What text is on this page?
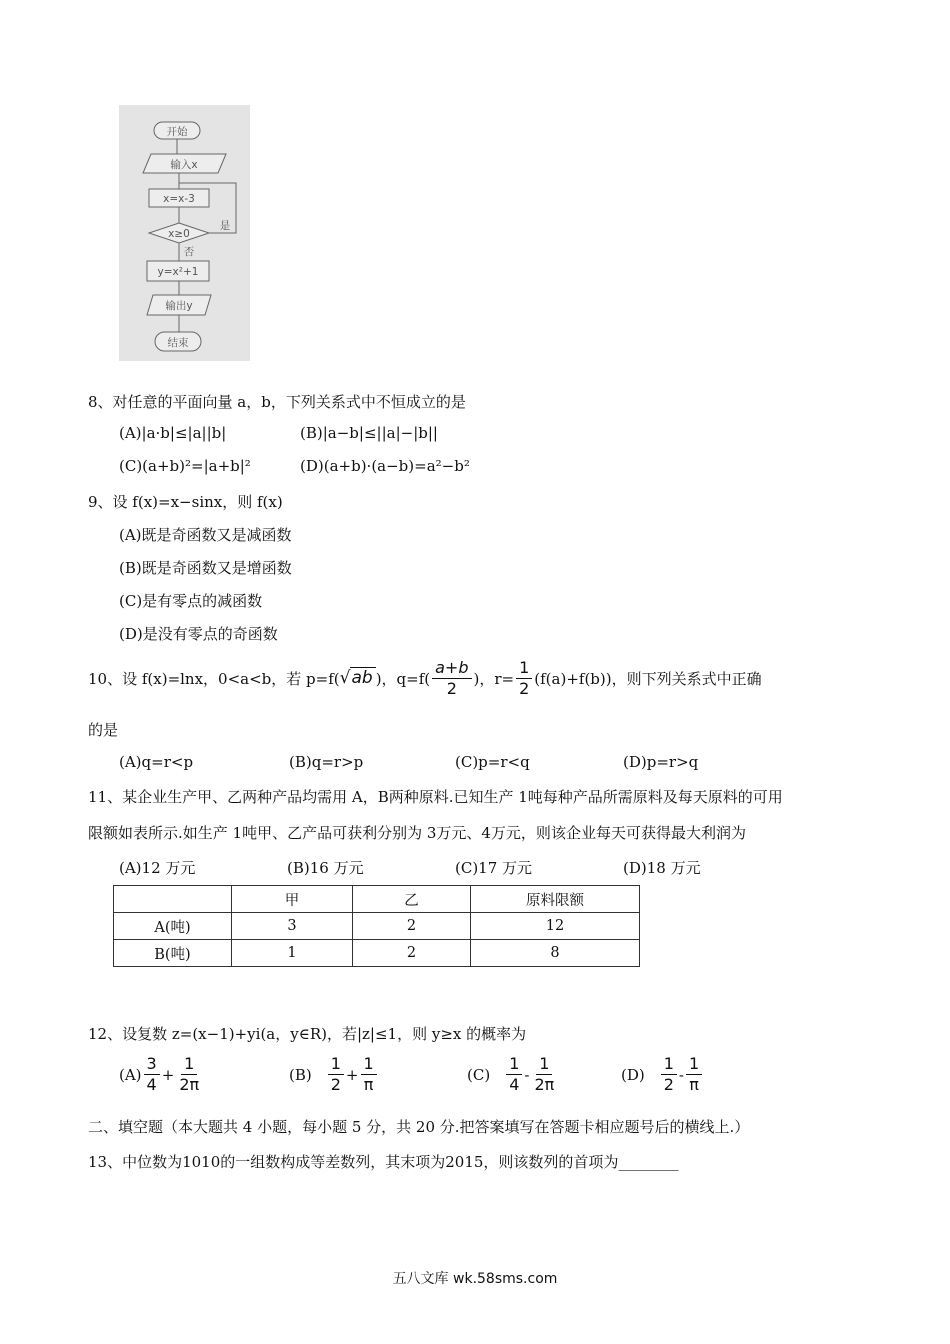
开始
输入x
x=x-3
x≥0
是
否
y=x²+1
输出y
结束
8、对任意的平面向量 a，b，下列关系式中不恒成立的是
(A)|a·b|≤|a||b|	(B)|a−b|≤||a|−|b||
(C)(a+b)²=|a+b|²	(D)(a+b)·(a−b)=a²−b²
9、设 f(x)=x−sinx，则 f(x)
(A)既是奇函数又是减函数
(B)既是奇函数又是增函数
(C)是有零点的减函数
(D)是没有零点的奇函数
10、设 f(x)=lnx，0<a<b，若 p=f( √ab )，$q=f( \frac{a+b}{2}$ )，$r= \frac{1}{2} (f(a)+f(b))$，则下列关系式中正确
的是
(A)q=r<p	(B)q=r>p	(C)p=r<q	(D)p=r>q
11、某企业生产甲、乙两种产品均需用 A，B两种原料.已知生产 1吨每种产品所需原料及每天原料的可用
限额如表所示.如生产 1吨甲、乙产品可获利分别为 3万元、4万元，则该企业每天可获得最大利润为
(A)12 万元	(B)16 万元	(C)17 万元	(D)18 万元
	甲	乙	原料限额
A(吨)	3	2	12
B(吨)	1	2	8
12、设复数 z=(x−1)+yi(a，y∈R)，若|z|≤1，则 y≥x 的概率为
$(A) \frac{3}{4} + \frac{1}{2\pi}$	$(B) \frac{1}{2} + \frac{1}{\pi}$	$(C) \frac{1}{4} - \frac{1}{2\pi}$	$(D) \frac{1}{2} - \frac{1}{\pi}$
二、填空题（本大题共 4 小题，每小题 5 分，共 20 分.把答案填写在答题卡相应题号后的横线上.）
13、中位数为1010的一组数构成等差数列，其末项为2015，则该数列的首项为________
五八文库 wk.58sms.com
